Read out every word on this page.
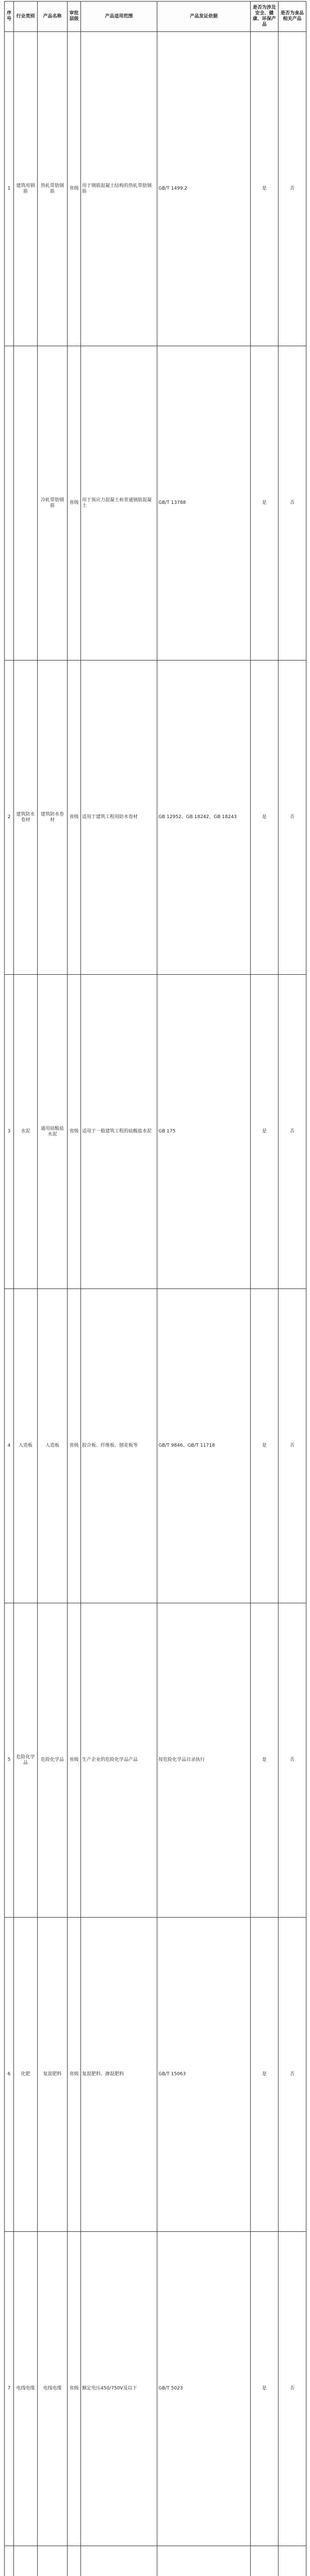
序号	行业类别	产品名称	审批层级	产品适用范围	产品发证依据	是否为涉及安全、健康、环保产品	是否为食品相关产品
1	建筑用钢筋	热轧带肋钢筋	省级	用于钢筋混凝土结构的热轧带肋钢筋	GB/T 1499.2	是	否
		冷轧带肋钢筋	省级	用于预应力混凝土和普通钢筋混凝土	GB/T 13788	是	否
2	建筑防水卷材	建筑防水卷材	省级	适用于建筑工程用防水卷材	GB 12952、GB 18242、GB 18243	是	否
3	水泥	通用硅酸盐水泥	省级	适用于一般建筑工程的硅酸盐水泥	GB 175	是	否
4	人造板	人造板	省级	胶合板、纤维板、刨花板等	GB/T 9846、GB/T 11718	是	否
5	危险化学品	危险化学品	省级	生产企业的危险化学品产品	按危险化学品目录执行	是	否
6	化肥	复混肥料	省级	复混肥料、掺混肥料	GB/T 15063	是	否
7	电线电缆	电线电缆	省级	额定电压450/750V及以下	GB/T 5023	是	否
